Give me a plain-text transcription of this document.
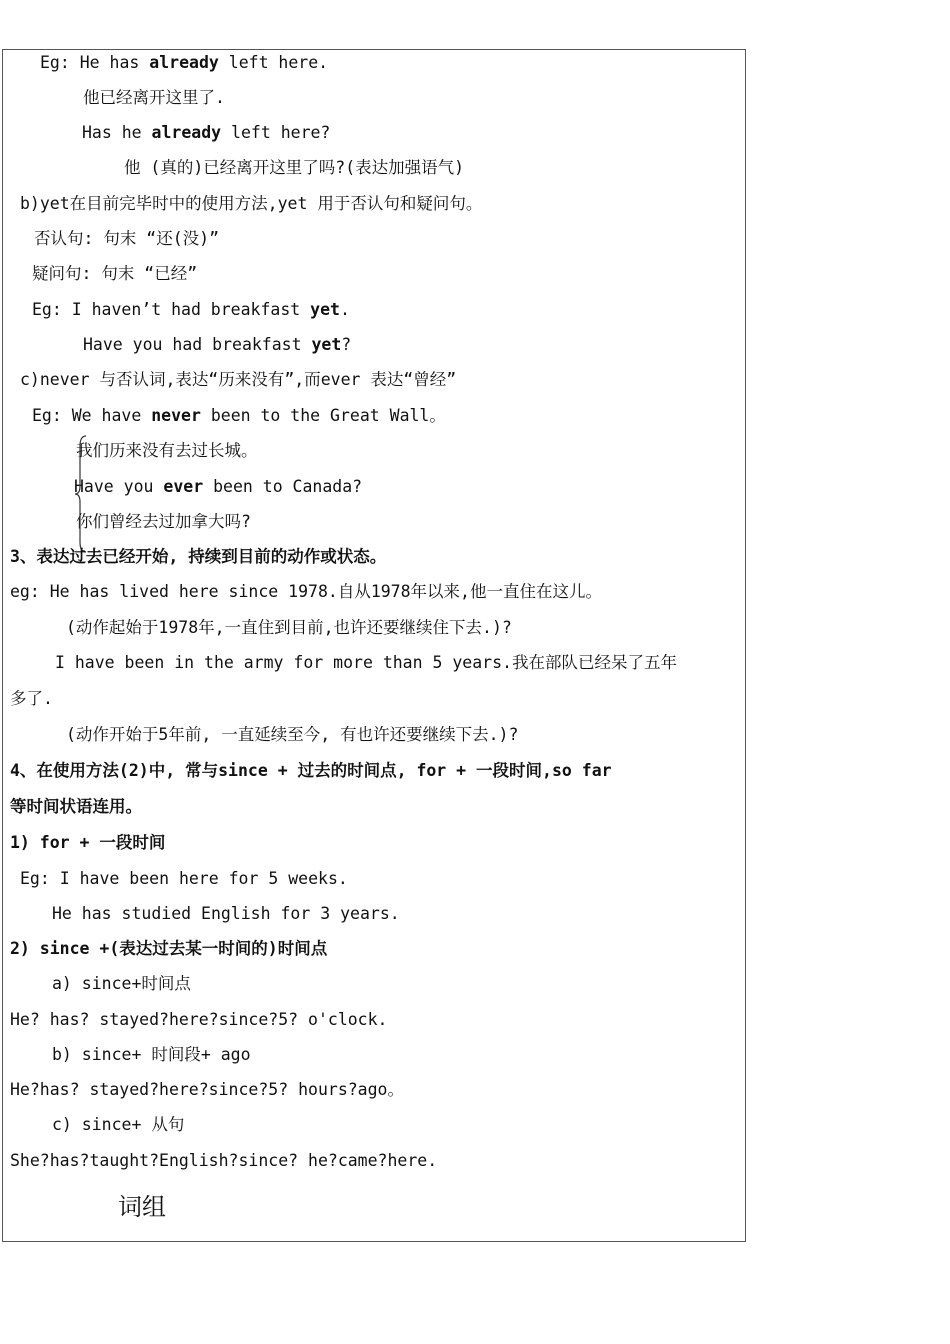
Eg: He has already left here.
他已经离开这里了.
Has he already left here?
他 (真的)已经离开这里了吗?(表达加强语气)
b)yet在目前完毕时中的使用方法,yet 用于否认句和疑问句。
否认句: 句末 “还(没)”
疑问句: 句末 “已经”
Eg: I haven’t had breakfast yet.
Have you had breakfast yet?
c)never 与否认词,表达“历来没有”,而ever 表达“曾经”
Eg: We have never been to the Great Wall。
我们历来没有去过长城。
Have you ever been to Canada?
你们曾经去过加拿大吗?
3、表达过去已经开始, 持续到目前的动作或状态。
eg: He has lived here since 1978.自从1978年以来,他一直住在这儿。
(动作起始于1978年,一直住到目前,也许还要继续住下去.)?
I have been in the army for more than 5 years.我在部队已经呆了五年
多了.
(动作开始于5年前, 一直延续至今, 有也许还要继续下去.)?
4、在使用方法(2)中, 常与since + 过去的时间点, for + 一段时间,so far
等时间状语连用。
1) for + 一段时间
Eg: I have been here for 5 weeks.
He has studied English for 3 years.
2) since +(表达过去某一时间的)时间点
a) since+时间点
He? has? stayed?here?since?5? o'clock.
b) since+ 时间段+ ago
He?has? stayed?here?since?5? hours?ago。
c) since+ 从句
She?has?taught?English?since? he?came?here.
词组
